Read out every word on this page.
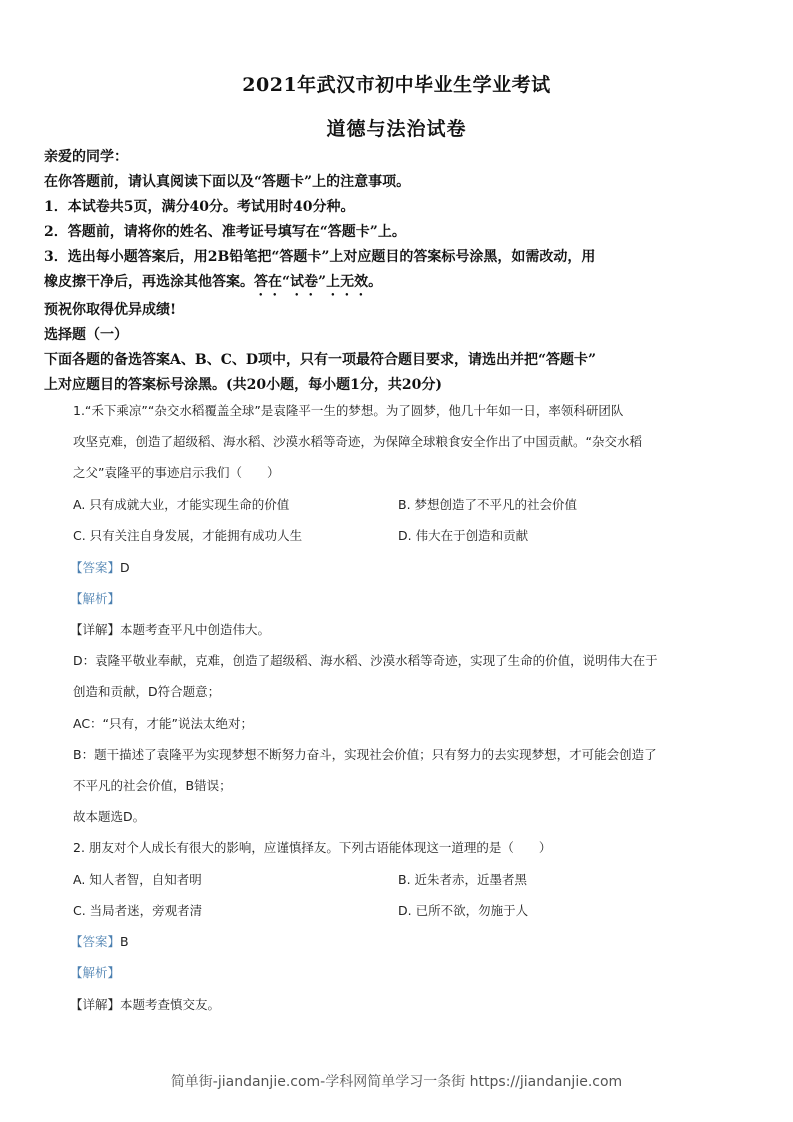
2021年武汉市初中毕业生学业考试
道德与法治试卷
亲爱的同学：
在你答题前，请认真阅读下面以及“答题卡”上的注意事项。
1．本试卷共5页，满分40分。考试用时40分种。
2．答题前，请将你的姓名、准考证号填写在“答题卡”上。
3．选出每小题答案后，用2B铅笔把“答题卡”上对应题目的答案标号涂黑，如需改动，用
橡皮擦干净后，再选涂其他答案。答在“试卷”上无效。
预祝你取得优异成绩!
选择题（一）
下面各题的备选答案A、B、C、D项中，只有一项最符合题目要求，请选出并把“答题卡”
上对应题目的答案标号涂黑。(共20小题，每小题1分，共20分)
1.“禾下乘凉”“杂交水稻覆盖全球”是袁隆平一生的梦想。为了圆梦，他几十年如一日，率领科研团队
攻坚克难，创造了超级稻、海水稻、沙漠水稻等奇迹，为保障全球粮食安全作出了中国贡献。“杂交水稻
之父”袁隆平的事迹启示我们（　　）
A. 只有成就大业，才能实现生命的价值	B. 梦想创造了不平凡的社会价值
C. 只有关注自身发展，才能拥有成功人生	D. 伟大在于创造和贡献
【答案】D
【解析】
【详解】本题考查平凡中创造伟大。
D：袁隆平敬业奉献，克难，创造了超级稻、海水稻、沙漠水稻等奇迹，实现了生命的价值，说明伟大在于
创造和贡献，D符合题意；
AC：“只有，才能”说法太绝对；
B：题干描述了袁隆平为实现梦想不断努力奋斗，实现社会价值；只有努力的去实现梦想，才可能会创造了
不平凡的社会价值，B错误；
故本题选D。
2. 朋友对个人成长有很大的影响，应谨慎择友。下列古语能体现这一道理的是（　　）
A. 知人者智，自知者明	B. 近朱者赤，近墨者黑
C. 当局者迷，旁观者清	D. 已所不欲，勿施于人
【答案】B
【解析】
【详解】本题考查慎交友。
简单街-jiandanjie.com-学科网简单学习一条街 https://jiandanjie.com
